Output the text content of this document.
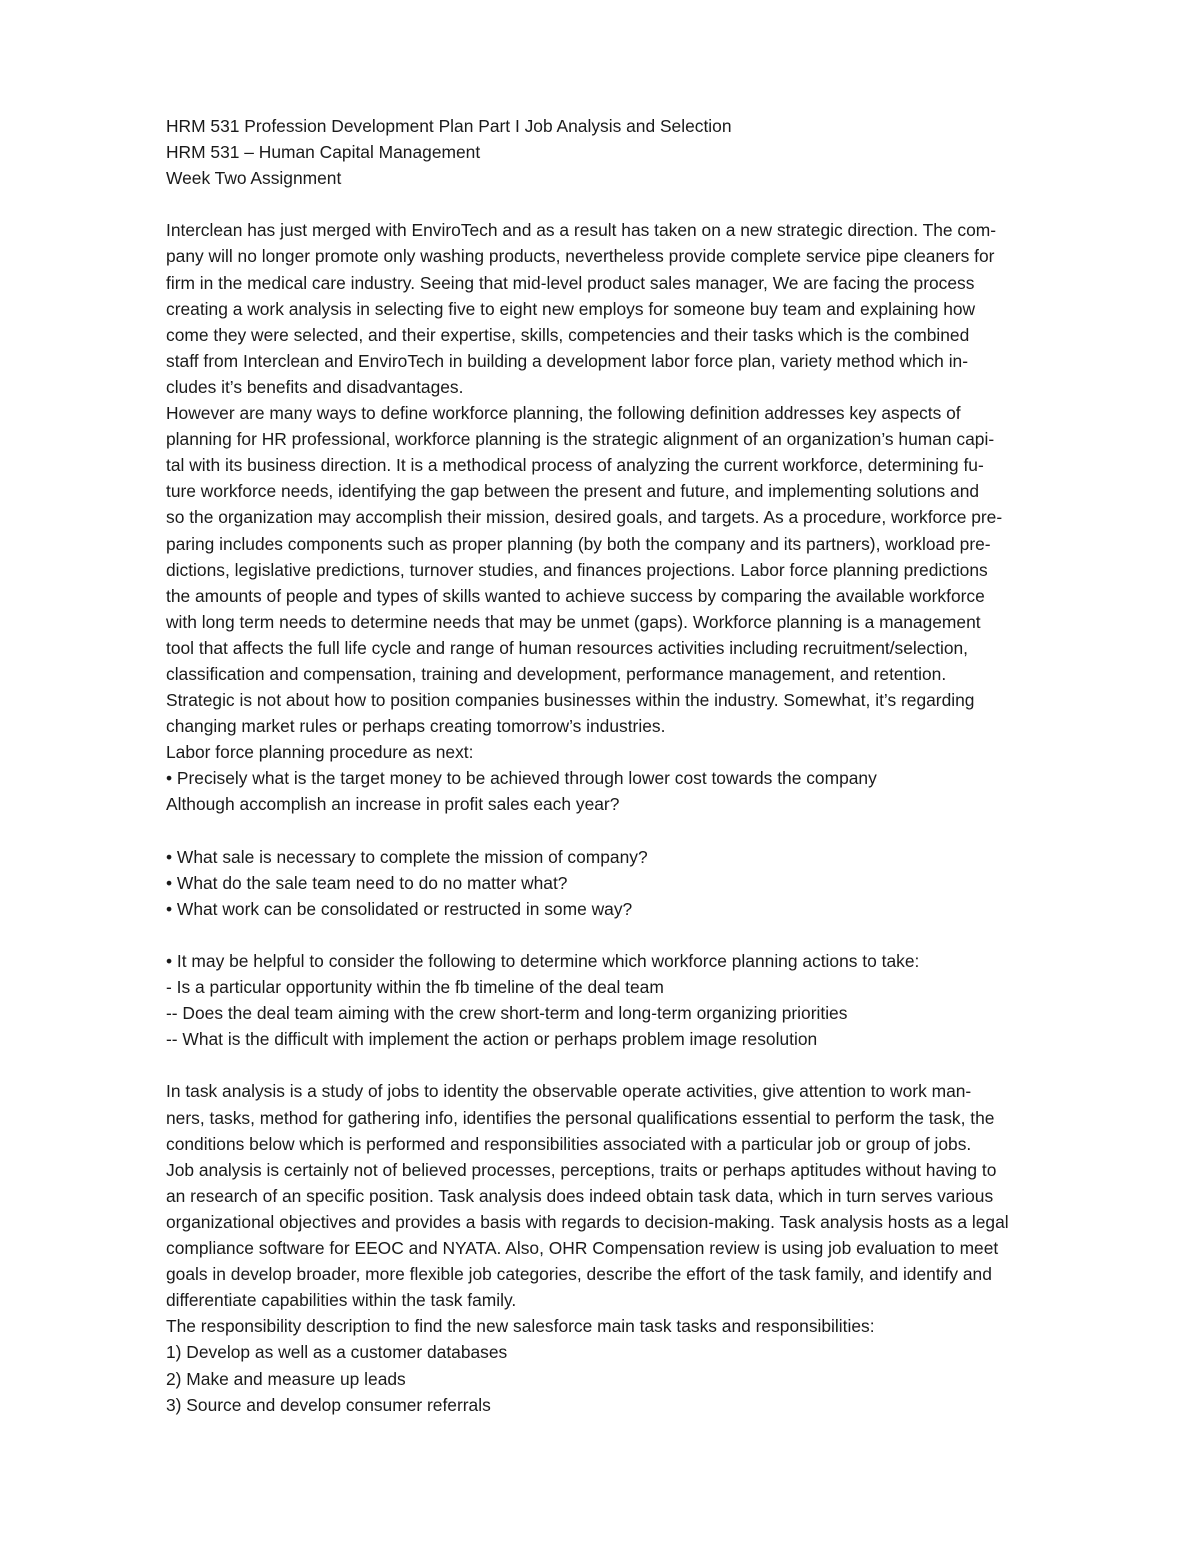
HRM 531 Profession Development Plan Part I Job Analysis and Selection
HRM 531 – Human Capital Management
Week Two Assignment
Interclean has just merged with EnviroTech and as a result has taken on a new strategic direction. The com-
pany will no longer promote only washing products, nevertheless provide complete service pipe cleaners for
firm in the medical care industry. Seeing that mid-level product sales manager, We are facing the process
creating a work analysis in selecting five to eight new employs for someone buy team and explaining how
come they were selected, and their expertise, skills, competencies and their tasks which is the combined
staff from Interclean and EnviroTech in building a development labor force plan, variety method which in-
cludes it’s benefits and disadvantages.
However are many ways to define workforce planning, the following definition addresses key aspects of
planning for HR professional, workforce planning is the strategic alignment of an organization’s human capi-
tal with its business direction. It is a methodical process of analyzing the current workforce, determining fu-
ture workforce needs, identifying the gap between the present and future, and implementing solutions and
so the organization may accomplish their mission, desired goals, and targets. As a procedure, workforce pre-
paring includes components such as proper planning (by both the company and its partners), workload pre-
dictions, legislative predictions, turnover studies, and finances projections. Labor force planning predictions
the amounts of people and types of skills wanted to achieve success by comparing the available workforce
with long term needs to determine needs that may be unmet (gaps). Workforce planning is a management
tool that affects the full life cycle and range of human resources activities including recruitment/selection,
classification and compensation, training and development, performance management, and retention.
Strategic is not about how to position companies businesses within the industry. Somewhat, it’s regarding
changing market rules or perhaps creating tomorrow’s industries.
Labor force planning procedure as next:
• Precisely what is the target money to be achieved through lower cost towards the company
Although accomplish an increase in profit sales each year?
• What sale is necessary to complete the mission of company?
• What do the sale team need to do no matter what?
• What work can be consolidated or restructed in some way?
• It may be helpful to consider the following to determine which workforce planning actions to take:
- Is a particular opportunity within the fb timeline of the deal team
-- Does the deal team aiming with the crew short-term and long-term organizing priorities
-- What is the difficult with implement the action or perhaps problem image resolution
In task analysis is a study of jobs to identity the observable operate activities, give attention to work man-
ners, tasks, method for gathering info, identifies the personal qualifications essential to perform the task, the
conditions below which is performed and responsibilities associated with a particular job or group of jobs.
Job analysis is certainly not of believed processes, perceptions, traits or perhaps aptitudes without having to
an research of an specific position. Task analysis does indeed obtain task data, which in turn serves various
organizational objectives and provides a basis with regards to decision-making. Task analysis hosts as a legal
compliance software for EEOC and NYATA. Also, OHR Compensation review is using job evaluation to meet
goals in develop broader, more flexible job categories, describe the effort of the task family, and identify and
differentiate capabilities within the task family.
The responsibility description to find the new salesforce main task tasks and responsibilities:
1) Develop as well as a customer databases
2) Make and measure up leads
3) Source and develop consumer referrals
